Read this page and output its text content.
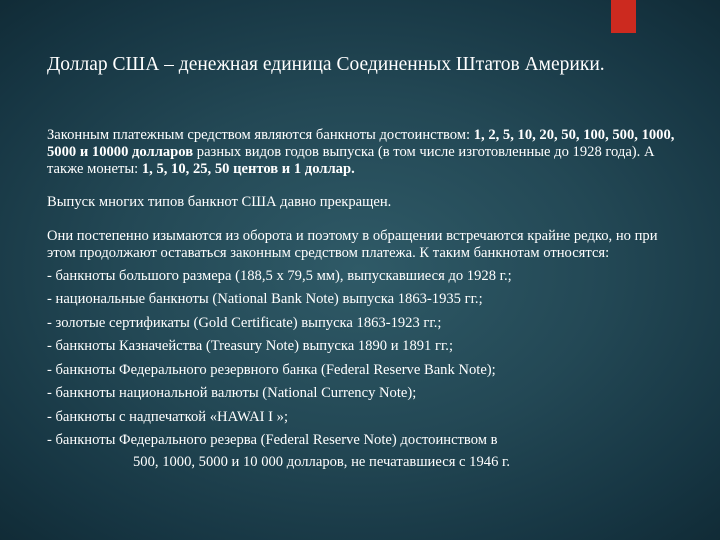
Доллар США – денежная единица Соединенных Штатов Америки.

Законным платежным средством являются банкноты достоинством: 1, 2, 5, 10, 20, 50, 100, 500, 1000, 5000 и 10000 долларов разных видов годов выпуска (в том числе изготовленные до 1928 года). А также монеты: 1, 5, 10, 25, 50 центов и 1 доллар.

Выпуск многих типов банкнот США давно прекращен.

Они постепенно изымаются из оборота и поэтому в обращении встречаются крайне редко, но при этом продолжают оставаться законным средством платежа. К таким банкнотам относятся:

- банкноты большого размера (188,5 x 79,5 мм), выпускавшиеся до 1928 г.;

- национальные банкноты (National Bank Note) выпуска 1863-1935 гг.;

- золотые сертификаты (Gold Certificate) выпуска 1863-1923 гг.;

- банкноты Казначейства (Treasury Note) выпуска 1890 и 1891 гг.;

- банкноты Федерального резервного банка (Federal Reserve Bank Note);

- банкноты национальной валюты (National Currency Note);

- банкноты с надпечаткой «HAWAI I »;

- банкноты Федерального резерва (Federal Reserve Note) достоинством в

500, 1000, 5000 и 10 000 долларов, не печатавшиеся с 1946 г.
